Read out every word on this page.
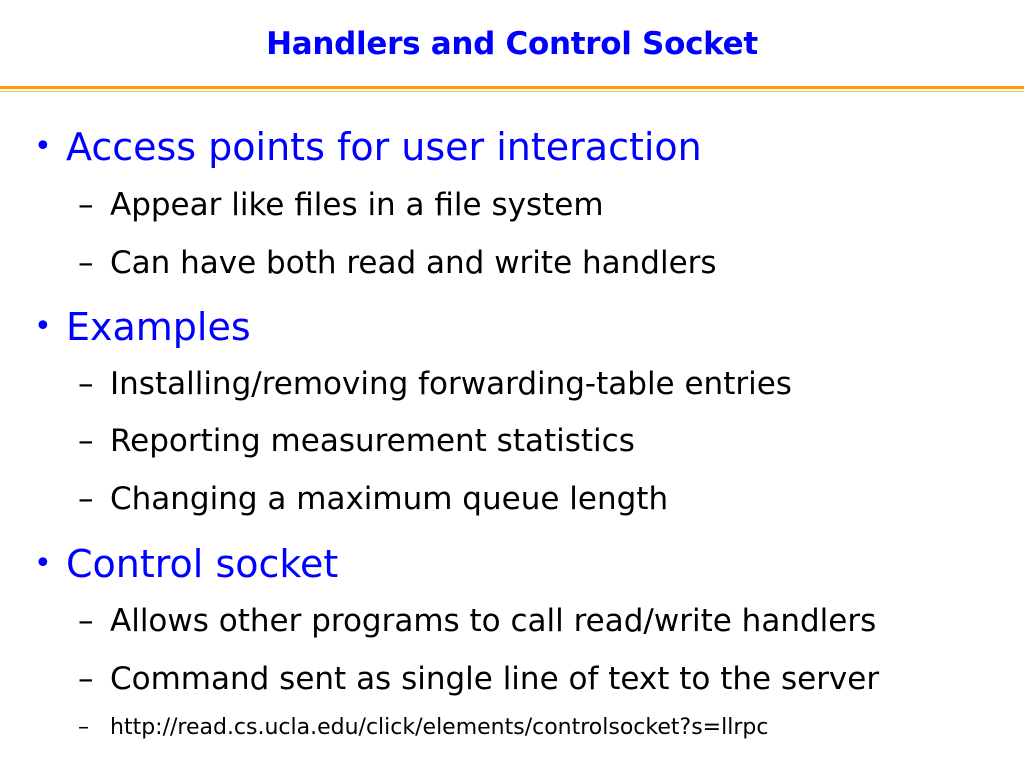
Handlers and Control Socket
• Access points for user interaction
– Appear like files in a file system
– Can have both read and write handlers
• Examples
– Installing/removing forwarding-table entries
– Reporting measurement statistics
– Changing a maximum queue length
• Control socket
– Allows other programs to call read/write handlers
– Command sent as single line of text to the server
– http://read.cs.ucla.edu/click/elements/controlsocket?s=llrpc
